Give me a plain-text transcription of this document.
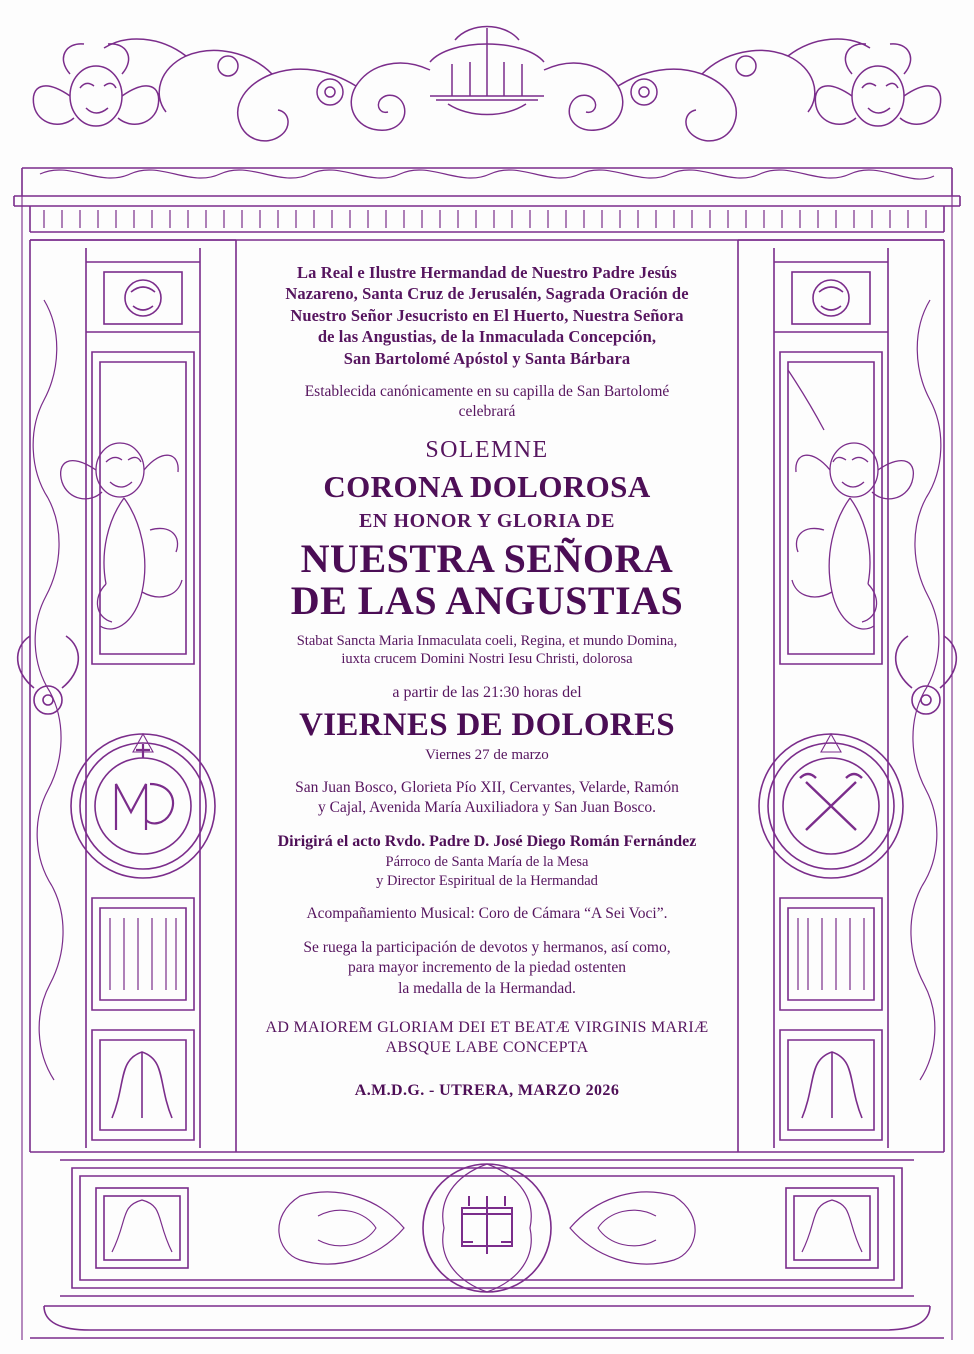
La Real e Ilustre Hermandad de Nuestro Padre Jesús
Nazareno, Santa Cruz de Jerusalén, Sagrada Oración de
Nuestro Señor Jesucristo en El Huerto, Nuestra Señora
de las Angustias, de la Inmaculada Concepción,
San Bartolomé Apóstol y Santa Bárbara
Establecida canónicamente en su capilla de San Bartolomé
celebrará
SOLEMNE
CORONA DOLOROSA
EN HONOR Y GLORIA DE
NUESTRA SEÑORA
DE LAS ANGUSTIAS
Stabat Sancta Maria Inmaculata coeli, Regina, et mundo Domina,
iuxta crucem Domini Nostri Iesu Christi, dolorosa
a partir de las 21:30 horas del
VIERNES DE DOLORES
Viernes 27 de marzo
San Juan Bosco, Glorieta Pío XII, Cervantes, Velarde, Ramón
y Cajal, Avenida María Auxiliadora y San Juan Bosco.
Dirigirá el acto Rvdo. Padre D. José Diego Román Fernández
Párroco de Santa María de la Mesa
y Director Espiritual de la Hermandad
Acompañamiento Musical: Coro de Cámara “A Sei Voci”.
Se ruega la participación de devotos y hermanos, así como,
para mayor incremento de la piedad ostenten
la medalla de la Hermandad.
AD MAIOREM GLORIAM DEI ET BEATÆ VIRGINIS MARIÆ
ABSQUE LABE CONCEPTA
A.M.D.G. - UTRERA, MARZO 2026
